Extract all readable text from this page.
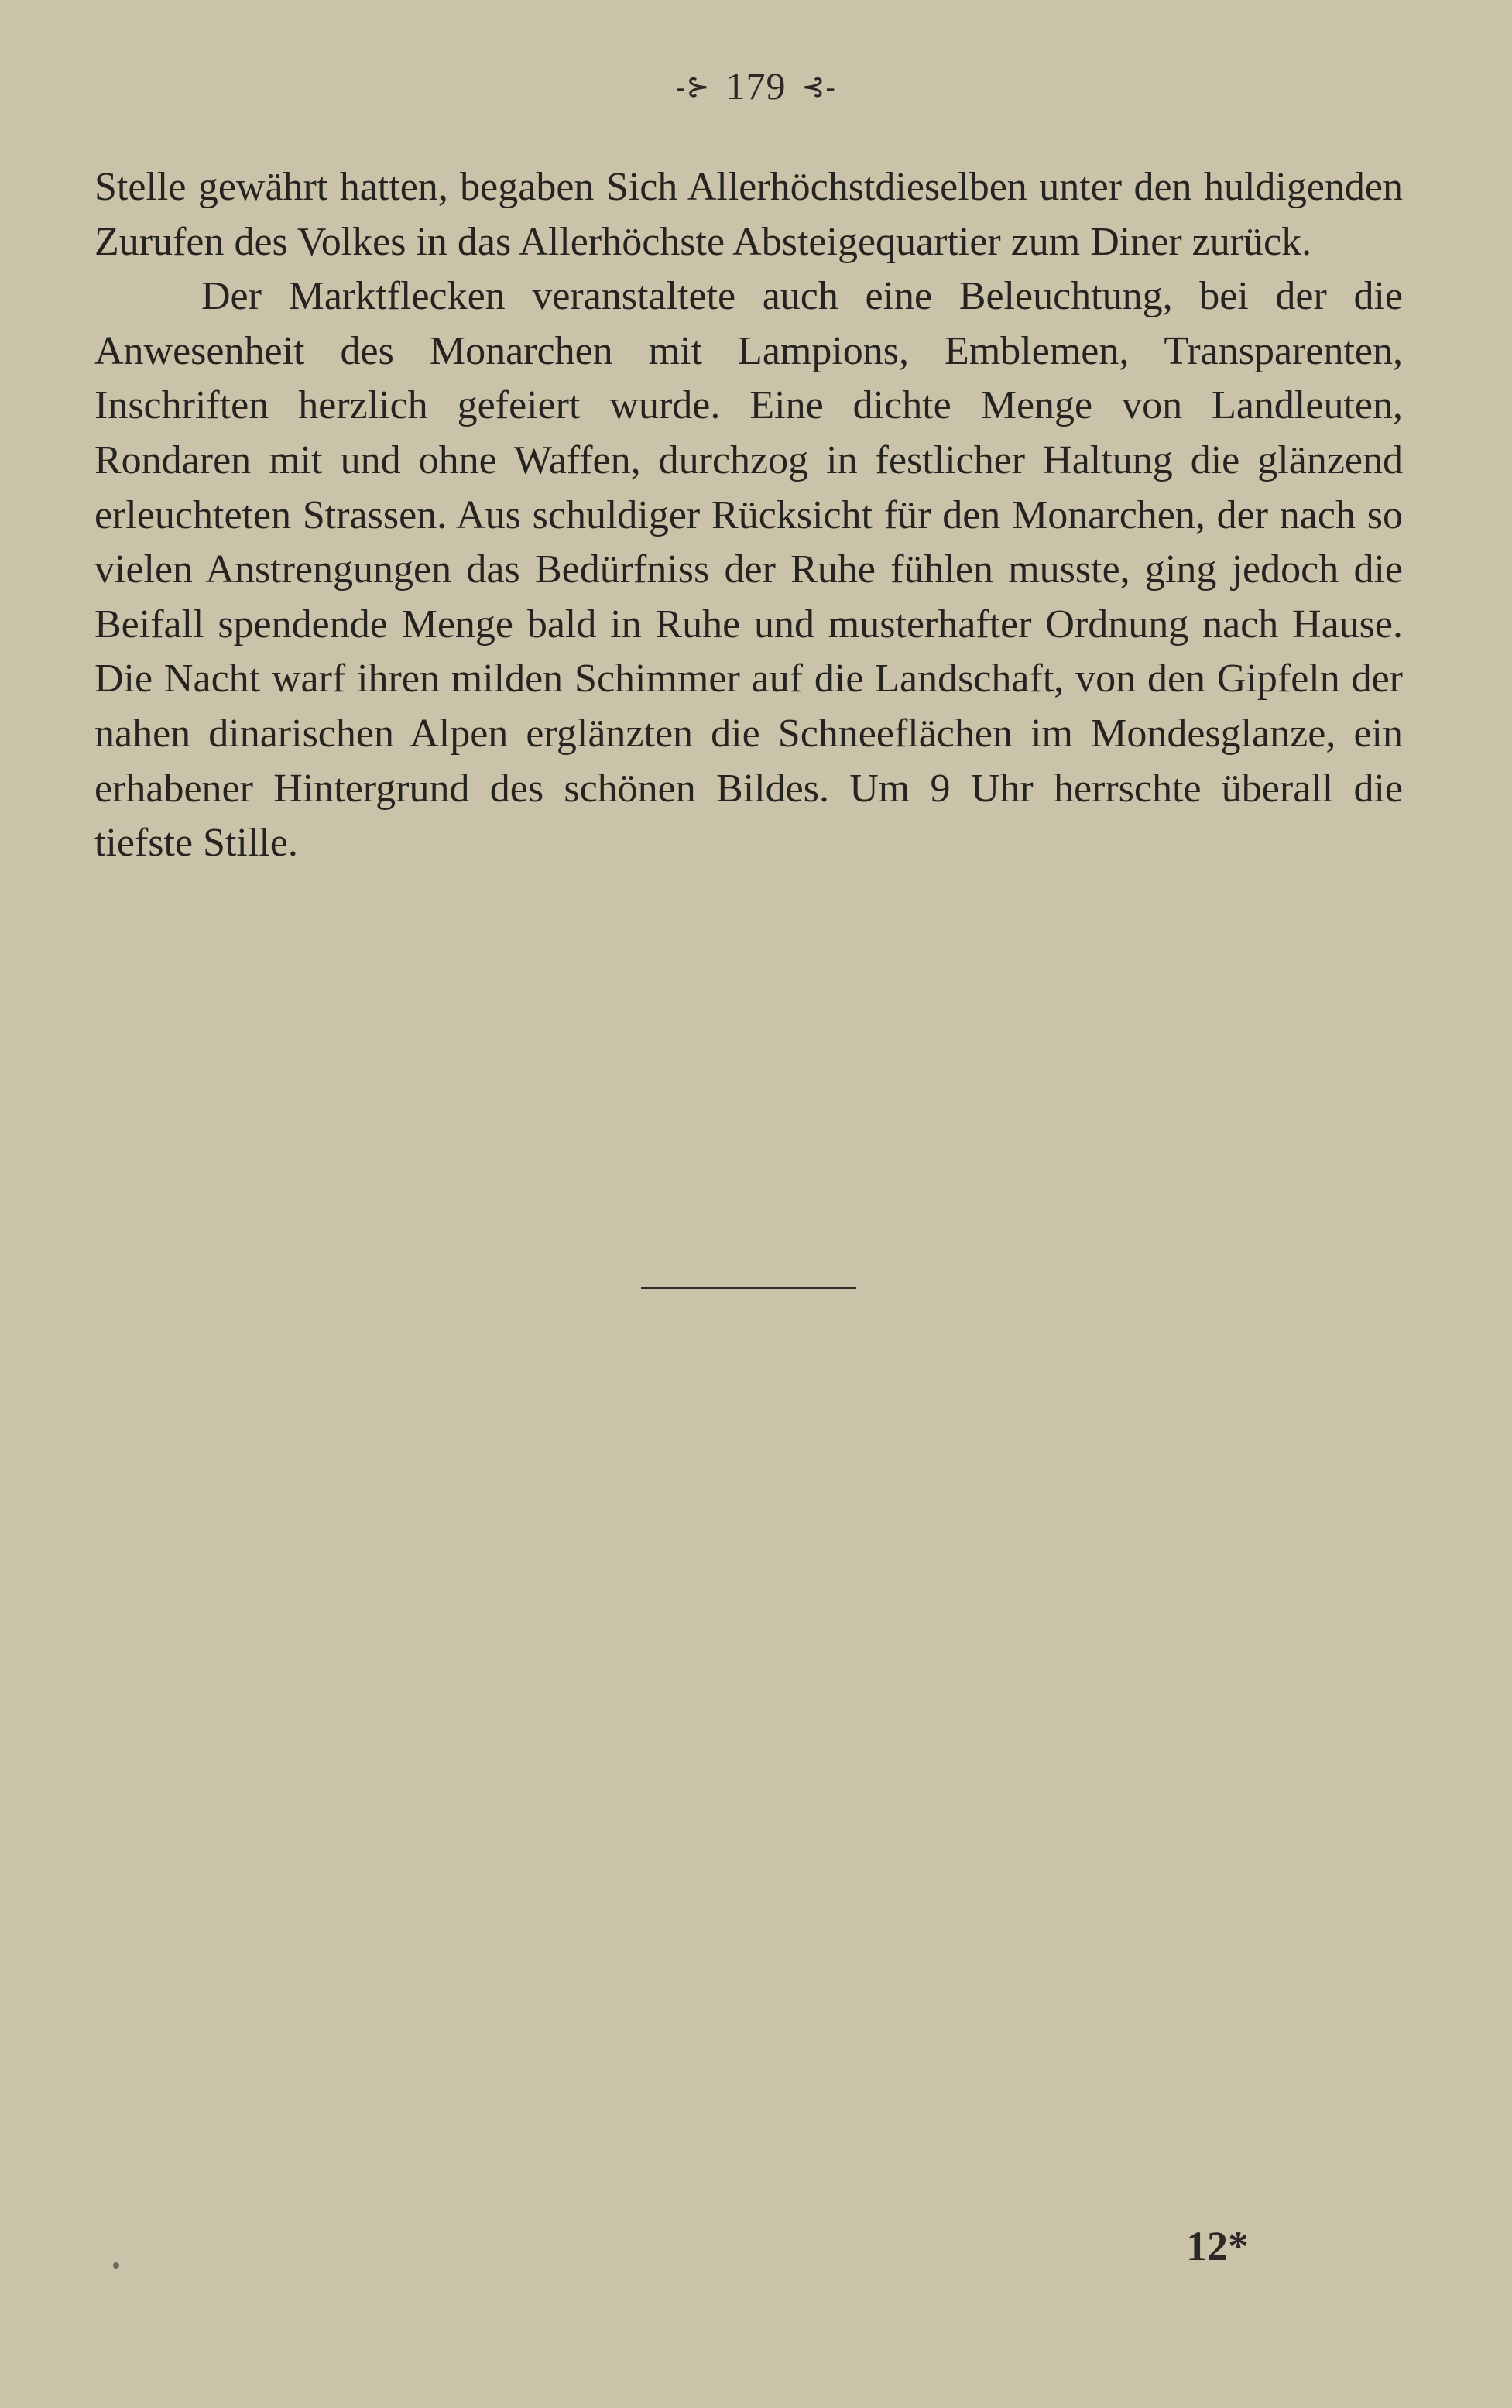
-⊱ 179 ⊰-

Stelle gewährt hatten, begaben Sich Allerhöchstdieselben unter den huldigenden Zurufen des Volkes in das Allerhöchste Absteigequartier zum Diner zurück.

Der Marktflecken veranstaltete auch eine Beleuchtung, bei der die Anwesenheit des Monarchen mit Lampions, Emblemen, Transparenten, Inschriften herzlich gefeiert wurde. Eine dichte Menge von Landleuten, Rondaren mit und ohne Waffen, durchzog in festlicher Haltung die glänzend erleuchteten Strassen. Aus schuldiger Rücksicht für den Monarchen, der nach so vielen Anstrengungen das Bedürfniss der Ruhe fühlen musste, ging jedoch die Beifall spendende Menge bald in Ruhe und musterhafter Ordnung nach Hause. Die Nacht warf ihren milden Schimmer auf die Landschaft, von den Gipfeln der nahen dinarischen Alpen erglänzten die Schneeflächen im Mondesglanze, ein erhabener Hintergrund des schönen Bildes. Um 9 Uhr herrschte überall die tiefste Stille.

12*
